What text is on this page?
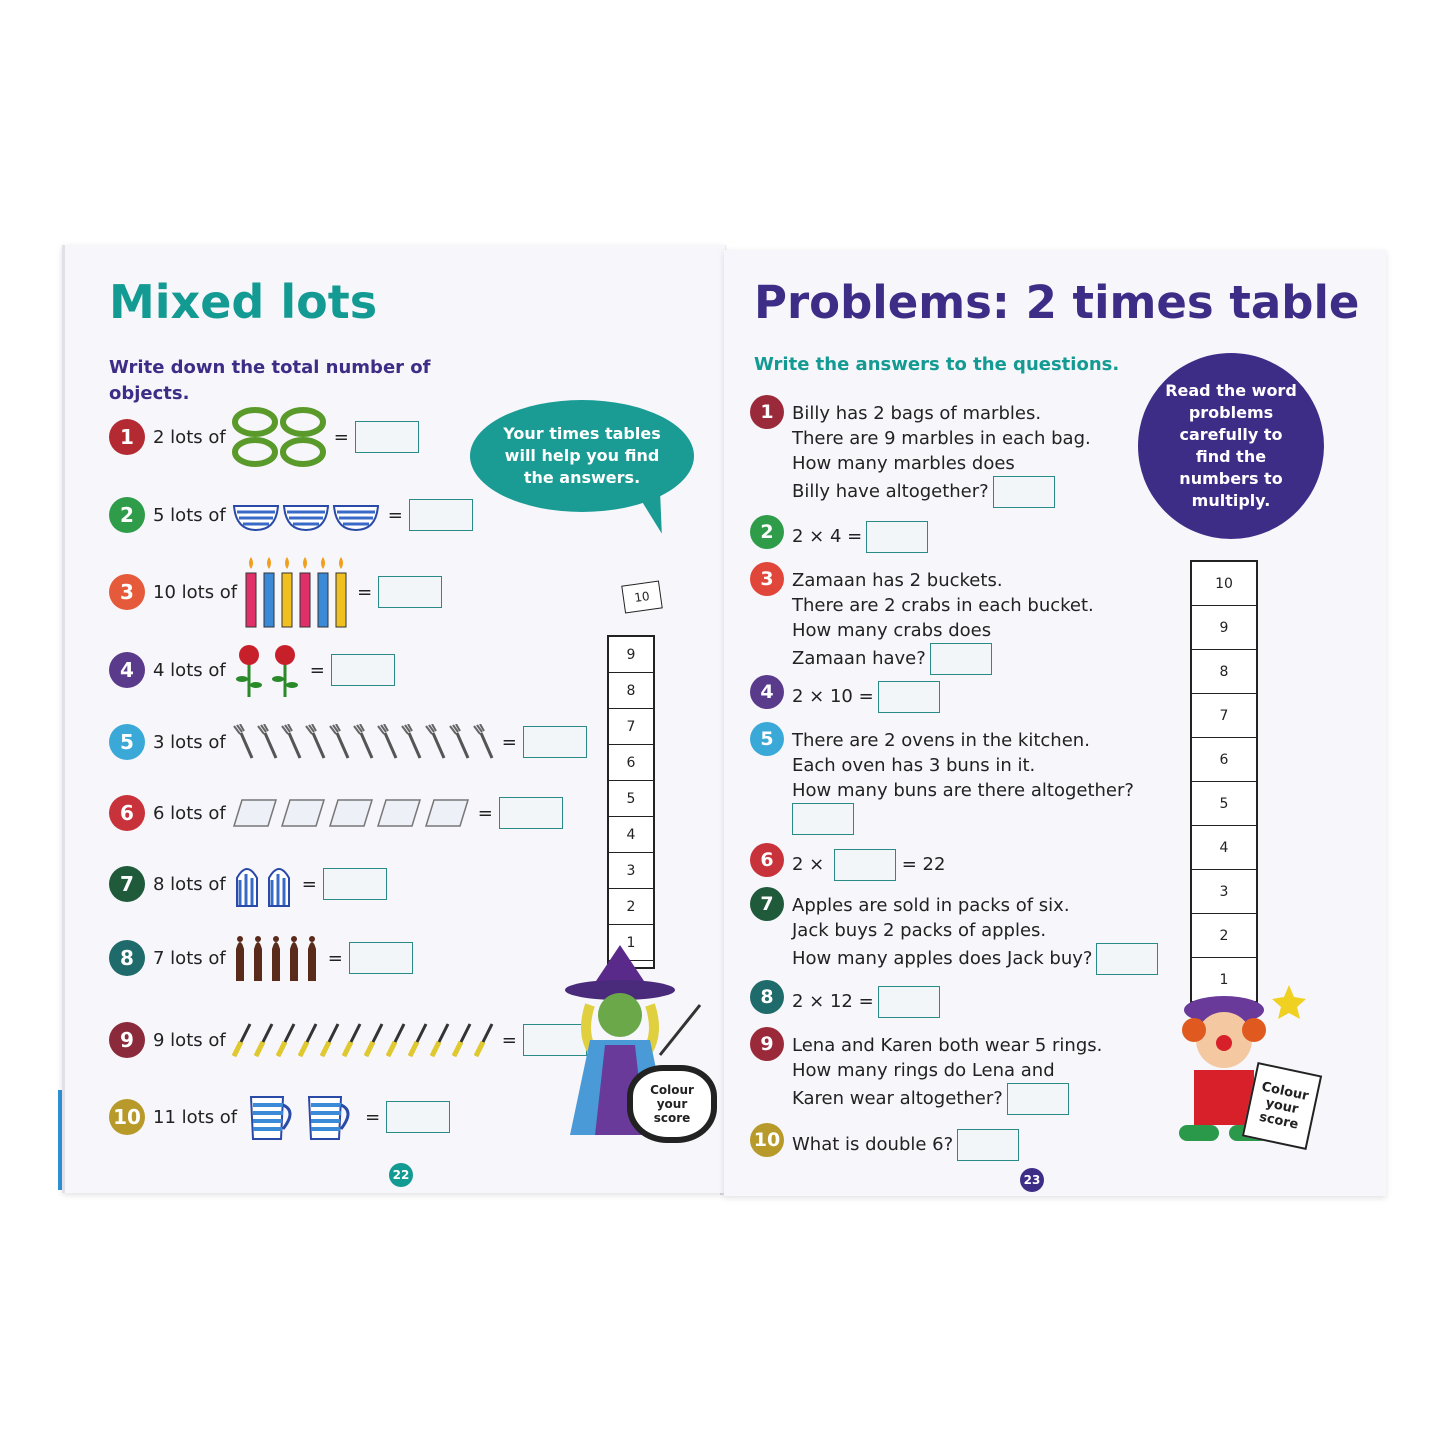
Mixed lots
Write down the total number of objects.
1	2 lots of	=
2	5 lots of	=
3	10 lots of	=
4	4 lots of	=
5	3 lots of	=
6	6 lots of	=
7	8 lots of	=
8	7 lots of	=
9	9 lots of	=
10 11 lots of	=
Your times tables will help you find the answers.
9
8
7
6
5
4
3
2
1
10
Colour your score
22
Problems: 2 times table
Write the answers to the questions.
Read the word problems carefully to find the numbers to multiply.
1	Billy has 2 bags of marbles.
There are 9 marbles in each bag.
How many marbles does
Billy have altogether?
2	2 × 4 =
3	Zamaan has 2 buckets.
There are 2 crabs in each bucket.
How many crabs does
Zamaan have?
4	2 × 10 =
5	There are 2 ovens in the kitchen.
Each oven has 3 buns in it.
How many buns are there altogether?
6	2 ×	= 22
7	Apples are sold in packs of six.
Jack buys 2 packs of apples.
How many apples does Jack buy?
8	2 × 12 =
9	Lena and Karen both wear 5 rings.
How many rings do Lena and
Karen wear altogether?
10 What is double 6?
10
9
8
7
6
5
4
3
2
1
Colour your score
23
